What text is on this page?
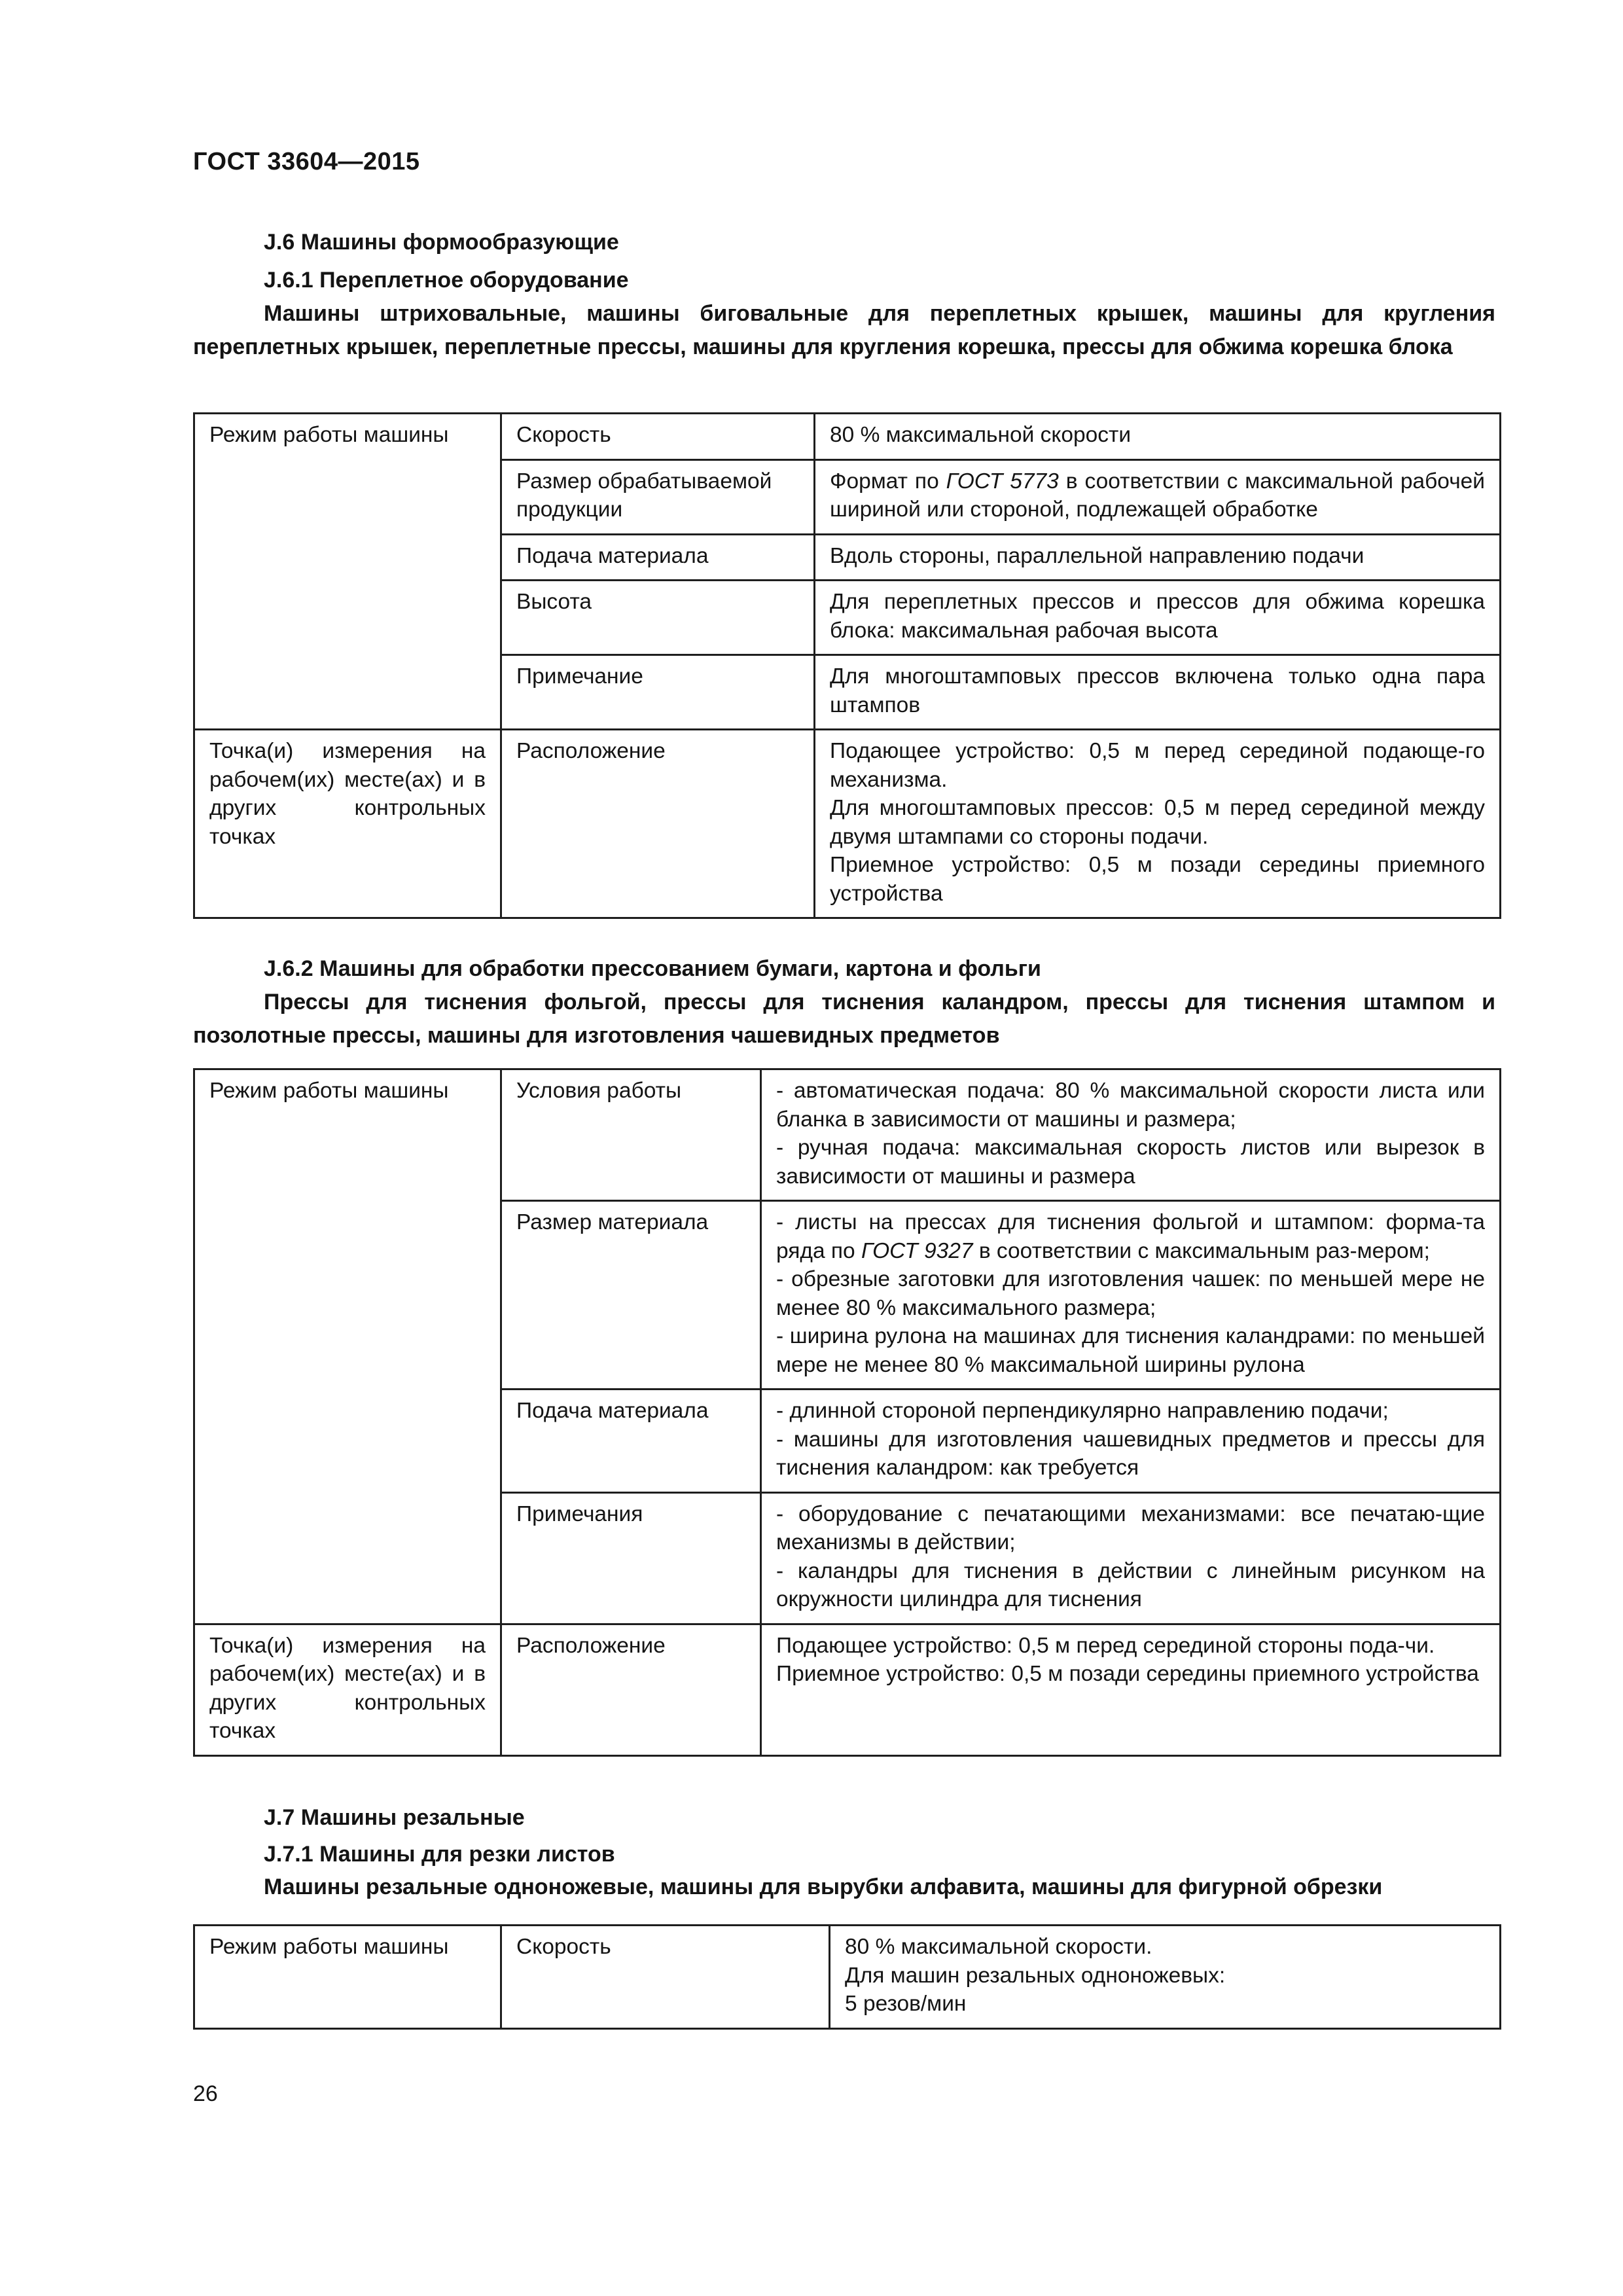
ГОСТ 33604—2015
J.6 Машины формообразующие
J.6.1 Переплетное оборудование
Машины штриховальные, машины биговальные для переплетных крышек, машины для кругления переплетных крышек, переплетные прессы, машины для кругления корешка, прессы для обжима корешка блока
Режим работы машины	Скорость	80 % максимальной скорости
	Размер обрабатываемой продукции	Формат по ГОСТ 5773 в соответствии с максимальной рабочей шириной или стороной, подлежащей обработке
	Подача материала	Вдоль стороны, параллельной направлению подачи
	Высота	Для переплетных прессов и прессов для обжима корешка блока: максимальная рабочая высота
	Примечание	Для многоштамповых прессов включена только одна пара штампов

Точка(и) измерения на рабочем(их) месте(ах) и в других контрольных точках	Расположение	Подающее устройство: 0,5 м перед серединой подающе-го механизма.
Для многоштамповых прессов: 0,5 м перед серединой между двумя штампами со стороны подачи.
Приемное устройство: 0,5 м позади середины приемного устройства
J.6.2 Машины для обработки прессованием бумаги, картона и фольги
Прессы для тиснения фольгой, прессы для тиснения каландром, прессы для тиснения штампом и позолотные прессы, машины для изготовления чашевидных предметов
Режим работы машины	Условия работы	- автоматическая подача: 80 % максимальной скорости листа или бланка в зависимости от машины и размера;
- ручная подача: максимальная скорость листов или вырезок в зависимости от машины и размера

	Размер материала	- листы на прессах для тиснения фольгой и штампом: форма-та ряда по ГОСТ 9327 в соответствии с максимальным раз-мером;
- обрезные заготовки для изготовления чашек: по меньшей мере не менее 80 % максимального размера;
- ширина рулона на машинах для тиснения каландрами: по меньшей мере не менее 80 % максимальной ширины рулона

	Подача материала	- длинной стороной перпендикулярно направлению подачи;
- машины для изготовления чашевидных предметов и прессы для тиснения каландром: как требуется

	Примечания	- оборудование с печатающими механизмами: все печатаю-щие механизмы в действии;
- каландры для тиснения в действии с линейным рисунком на окружности цилиндра для тиснения

Точка(и) измерения на рабочем(их) месте(ах) и в других контрольных точках	Расположение	Подающее устройство: 0,5 м перед серединой стороны пода-чи.
Приемное устройство: 0,5 м позади середины приемного устройства
J.7 Машины резальные
J.7.1 Машины для резки листов
Машины резальные одноножевые, машины для вырубки алфавита, машины для фигурной обрезки
Режим работы машины	Скорость	80 % максимальной скорости.
Для машин резальных одноножевых:
5 резов/мин
26
